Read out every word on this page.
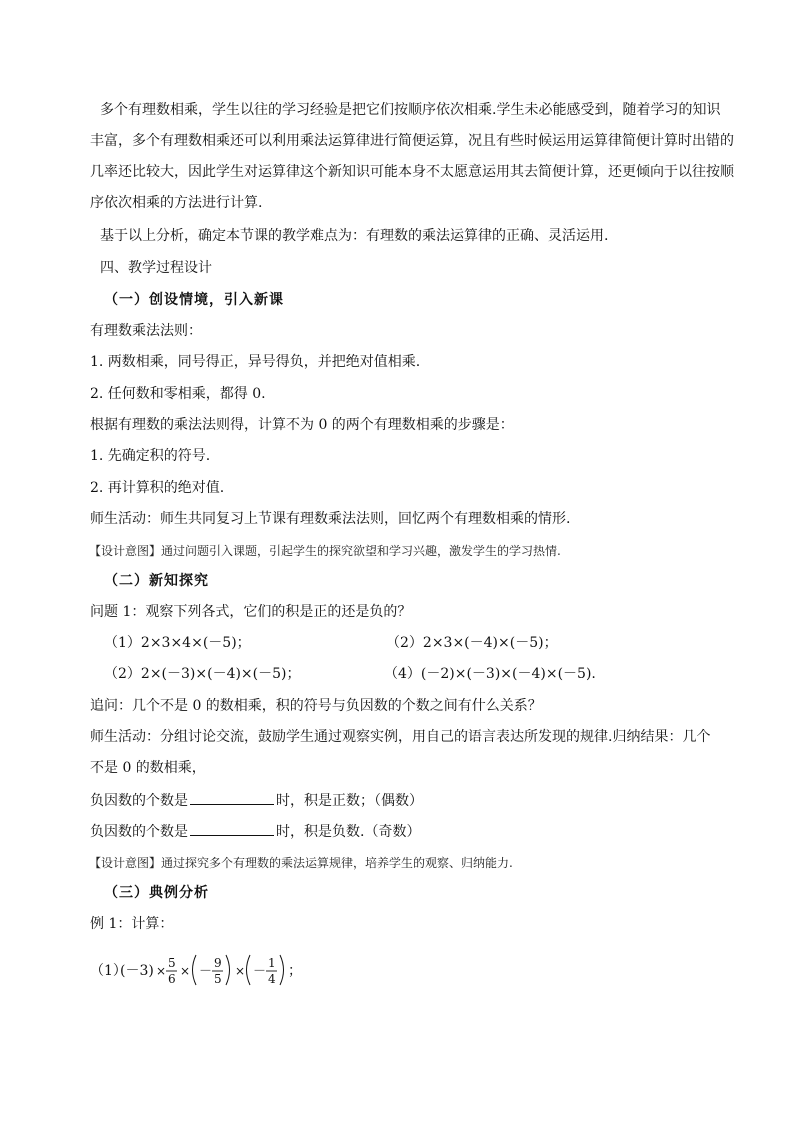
多个有理数相乘，学生以往的学习经验是把它们按顺序依次相乘.学生未必能感受到，随着学习的知识
丰富，多个有理数相乘还可以利用乘法运算律进行简便运算，况且有些时候运用运算律简便计算时出错的
几率还比较大，因此学生对运算律这个新知识可能本身不太愿意运用其去简便计算，还更倾向于以往按顺
序依次相乘的方法进行计算.
基于以上分析，确定本节课的教学难点为：有理数的乘法运算律的正确、灵活运用.
四、教学过程设计
（一）创设情境，引入新课
有理数乘法法则：
1. 两数相乘，同号得正，异号得负，并把绝对值相乘.
2. 任何数和零相乘，都得 0.
根据有理数的乘法法则得，计算不为 0 的两个有理数相乘的步骤是：
1. 先确定积的符号.
2. 再计算积的绝对值.
师生活动：师生共同复习上节课有理数乘法法则，回忆两个有理数相乘的情形.
【设计意图】通过问题引入课题，引起学生的探究欲望和学习兴趣，激发学生的学习热情.
（二）新知探究
问题 1：观察下列各式，它们的积是正的还是负的？
（1）2×3×4×(－5)；	（2）2×3×(－4)×(－5)；
（2）2×(－3)×(－4)×(－5)；	（4）(－2)×(－3)×(－4)×(－5).
追问：几个不是 0 的数相乘，积的符号与负因数的个数之间有什么关系？
师生活动：分组讨论交流，鼓励学生通过观察实例，用自己的语言表达所发现的规律.归纳结果：几个
不是 0 的数相乘，
负因数的个数是	时，积是正数；（偶数）
负因数的个数是	时，积是负数.（奇数）
【设计意图】通过探究多个有理数的乘法运算规律，培养学生的观察、归纳能力.
（三）典例分析
例 1：计算：
（1）
(－3) ×
5
6
× －
9
5
× －
1
4 ；
